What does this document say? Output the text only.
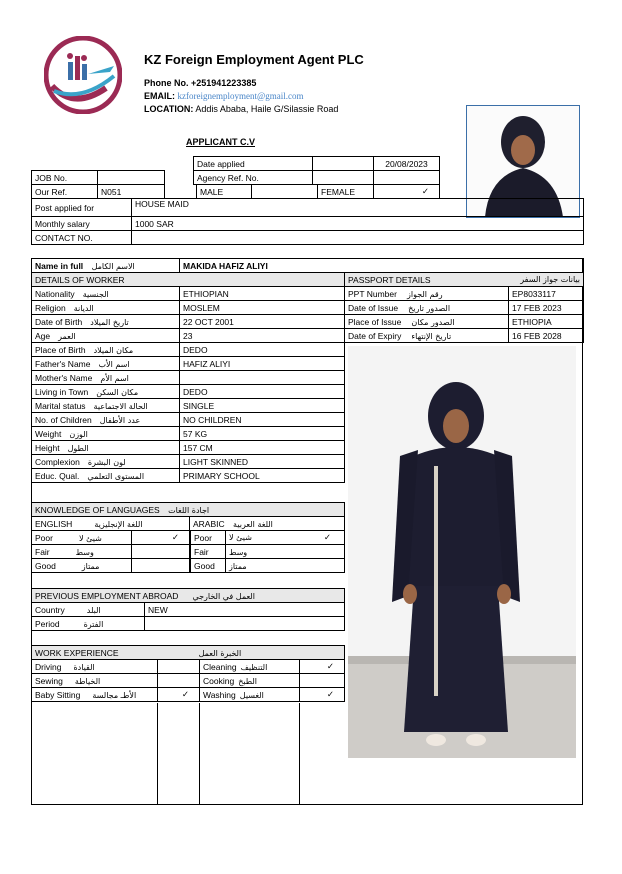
KZ Foreign Employment Agent PLC
Phone No. +251941223385
EMAIL: kzforeignemployment@gmail.com
LOCATION: Addis Ababa, Haile G/Silassie Road
APPLICANT C.V
Date applied		20/08/2023
Agency Ref. No.		
JOB No.	
Our Ref.	N051	MALE		FEMALE	✓
Post applied for	HOUSE MAID
Monthly salary	1000 SAR
CONTACT NO.	
Name in full الاسم الكامل	MAKIDA HAFIZ ALIYI
DETAILS OF WORKER	
Nationality الجنسية	ETHIOPIAN
Religion الديانة	MOSLEM
Date of Birth تاريخ الميلاد	22 OCT 2001
Age العمر	23
Place of Birth مكان الميلاد	DEDO
Father's Name اسم الأب	HAFIZ ALIYI
Mother's Name اسم الأم	
Living in Town مكان السكن	DEDO
Marital status الحالة الاجتماعية	SINGLE
No. of Children عدد الأطفال	NO CHILDREN
Weight الوزن	57 KG
Height الطول	157 CM
Complexion لون البشرة	LIGHT SKINNED
Educ. Qual. المستوى التعلمي	PRIMARY SCHOOL
PASSPORT DETAILS بيانات جواز السفر	

PPT Number رقم الجواز	EP8033117
Date of Issue الصدور تاريخ	17 FEB 2023
Place of Issue الصدور مكان	ETHIOPIA
Date of Expiry تاريخ الإنتهاء	16 FEB 2028
KNOWLEDGE OF LANGUAGES اجادة اللغات			
ENGLISH اللغة الإنجليزية		ARABIC اللغة العربية	
Poor شيئ لا	✓		Poor	شيئ لا ✓

Fair وسط			Fair	وسط

Good ممتاز			Good	ممتاز
PREVIOUS EMPLOYMENT ABROAD العمل في الخارجي	
Country البلد	NEW
Period الفترة	
WORK EXPERIENCE الخبرة العمل			
Driving القيادة		Cleaning التنظيف	✓
Sewing الخياطة		Cooking الطبخ	
Baby Sitting الأطـ مجالسة	✓	Washing الغسيل	✓
